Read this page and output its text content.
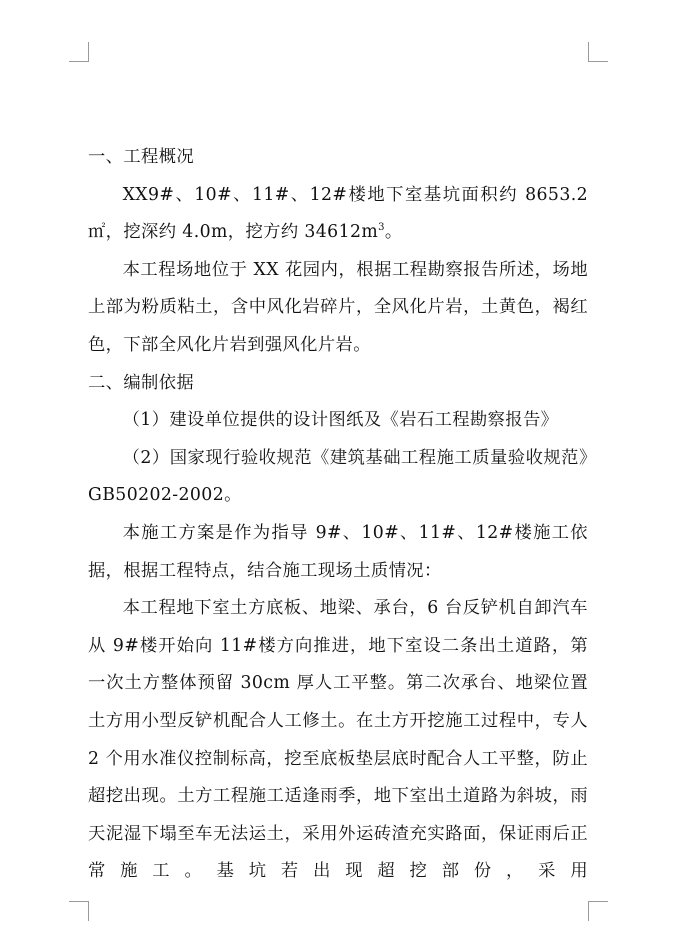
一、工程概况

XX9#、10#、11#、12#楼地下室基坑面积约 8653.2 ㎡，挖深约 4.0m，挖方约 $34612m^3$。

本工程场地位于 XX 花园内，根据工程勘察报告所述，场地上部为粉质粘土，含中风化岩碎片，全风化片岩，土黄色，褐红色，下部全风化片岩到强风化片岩。

二、编制依据

（1）建设单位提供的设计图纸及《岩石工程勘察报告》

（2）国家现行验收规范《建筑基础工程施工质量验收规范》GB50202-2002。

本施工方案是作为指导 9#、10#、11#、12#楼施工依据，根据工程特点，结合施工现场土质情况：

本工程地下室土方底板、地梁、承台，6 台反铲机自卸汽车从 9#楼开始向 11#楼方向推进，地下室设二条出土道路，第一次土方整体预留 30cm 厚人工平整。第二次承台、地梁位置土方用小型反铲机配合人工修土。在土方开挖施工过程中，专人 2 个用水准仪控制标高，挖至底板垫层底时配合人工平整，防止超挖出现。土方工程施工适逢雨季，地下室出土道路为斜坡，雨天泥湿下塌至车无法运土，采用外运砖渣充实路面，保证雨后正常施工。基坑若出现超挖部份，采用
